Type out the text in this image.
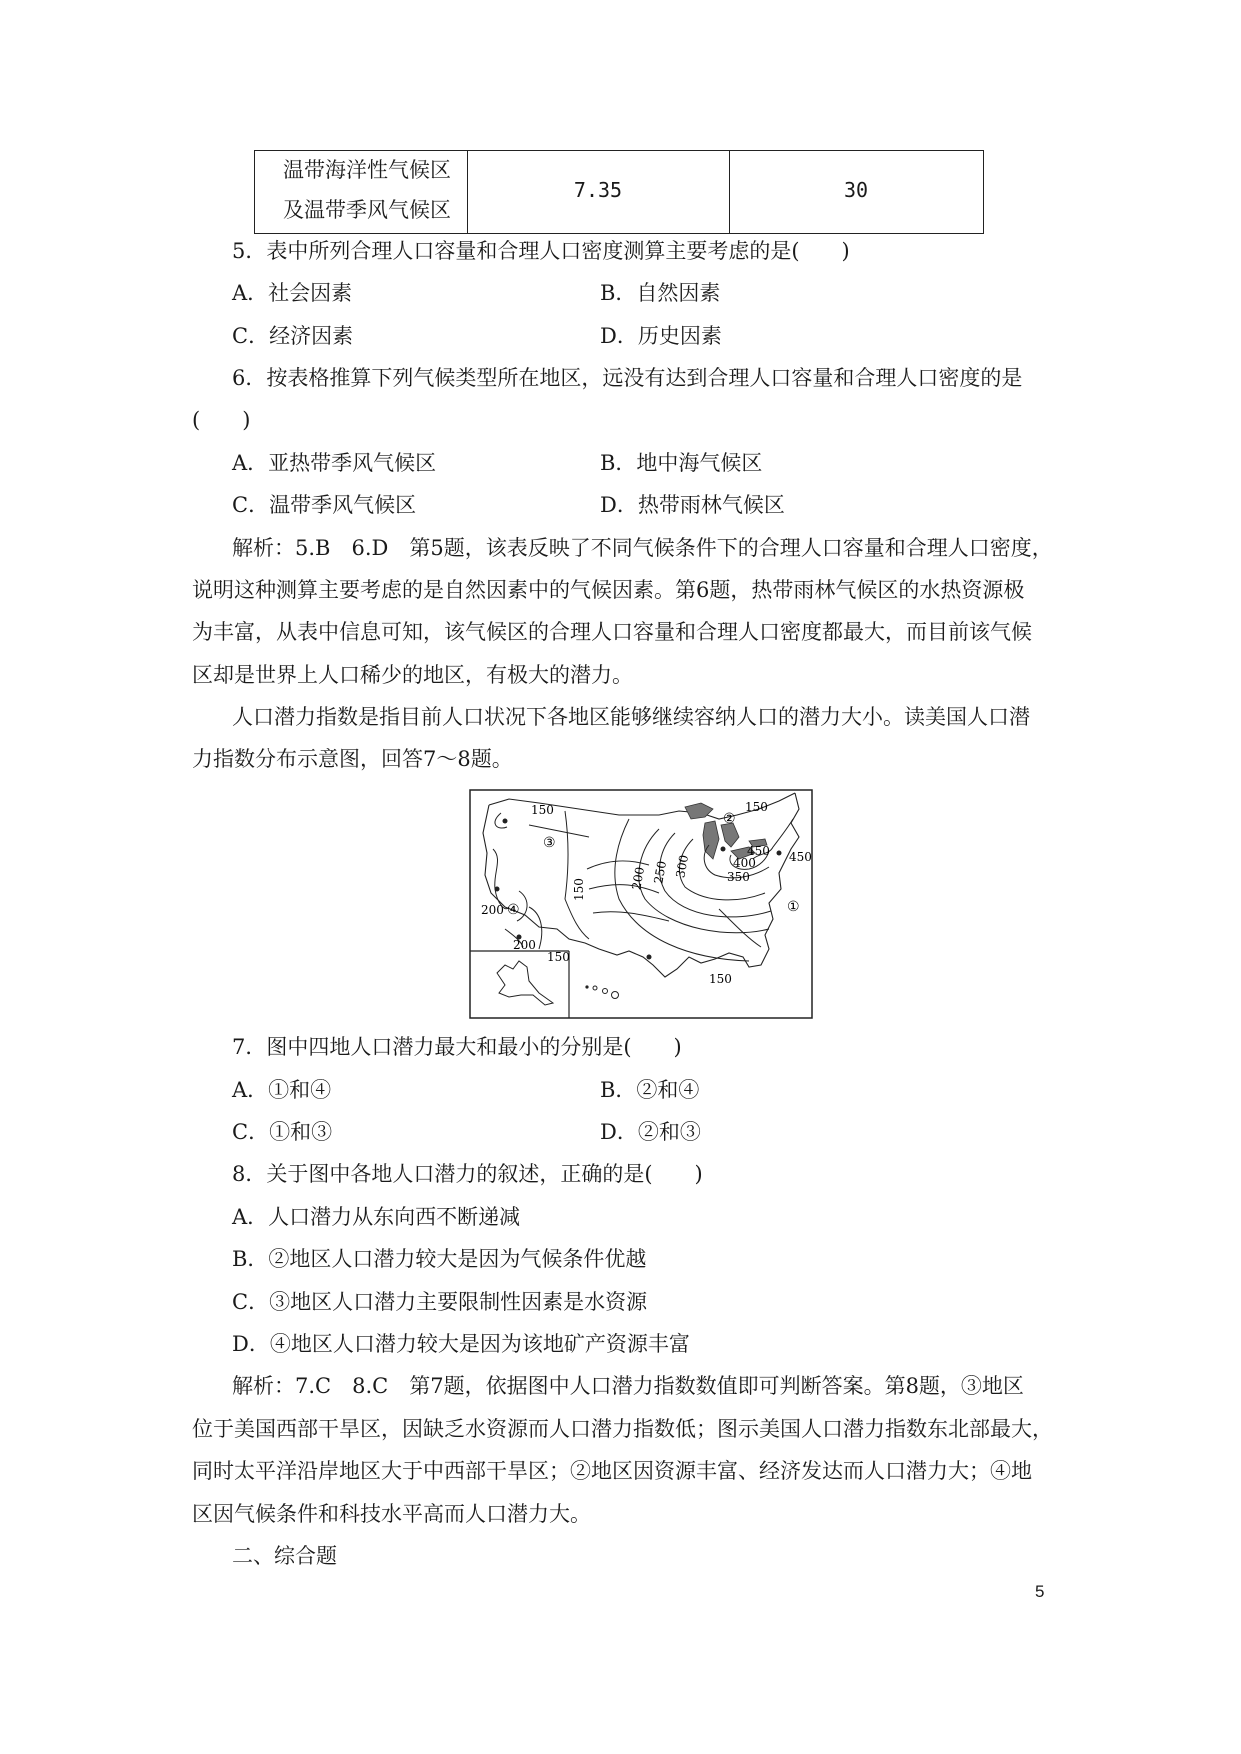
温带海洋性气候区
及温带季风气候区
7.35	30
5．表中所列合理人口容量和合理人口密度测算主要考虑的是(　　)
A．社会因素	B．自然因素
C．经济因素	D．历史因素
6．按表格推算下列气候类型所在地区，远没有达到合理人口容量和合理人口密度的是
(　　)
A．亚热带季风气候区	B．地中海气候区
C．温带季风气候区	D．热带雨林气候区
解析：5.B　6.D　第5题，该表反映了不同气候条件下的合理人口容量和合理人口密度，
说明这种测算主要考虑的是自然因素中的气候因素。第6题，热带雨林气候区的水热资源极
为丰富，从表中信息可知，该气候区的合理人口容量和合理人口密度都最大，而目前该气候
区却是世界上人口稀少的地区，有极大的潜力。
人口潜力指数是指目前人口状况下各地区能够继续容纳人口的潜力大小。读美国人口潜
力指数分布示意图，回答7～8题。
150	150
150	200 250 300	350
400
450 450
200
200
150
150
①
②
③
④
7．图中四地人口潜力最大和最小的分别是(　　)
A．①和④	B．②和④
C．①和③	D．②和③
8．关于图中各地人口潜力的叙述，正确的是(　　)
A．人口潜力从东向西不断递减
B．②地区人口潜力较大是因为气候条件优越
C．③地区人口潜力主要限制性因素是水资源
D．④地区人口潜力较大是因为该地矿产资源丰富
解析：7.C　8.C　第7题，依据图中人口潜力指数数值即可判断答案。第8题，③地区
位于美国西部干旱区，因缺乏水资源而人口潜力指数低；图示美国人口潜力指数东北部最大，
同时太平洋沿岸地区大于中西部干旱区；②地区因资源丰富、经济发达而人口潜力大；④地
区因气候条件和科技水平高而人口潜力大。
二、综合题
5
